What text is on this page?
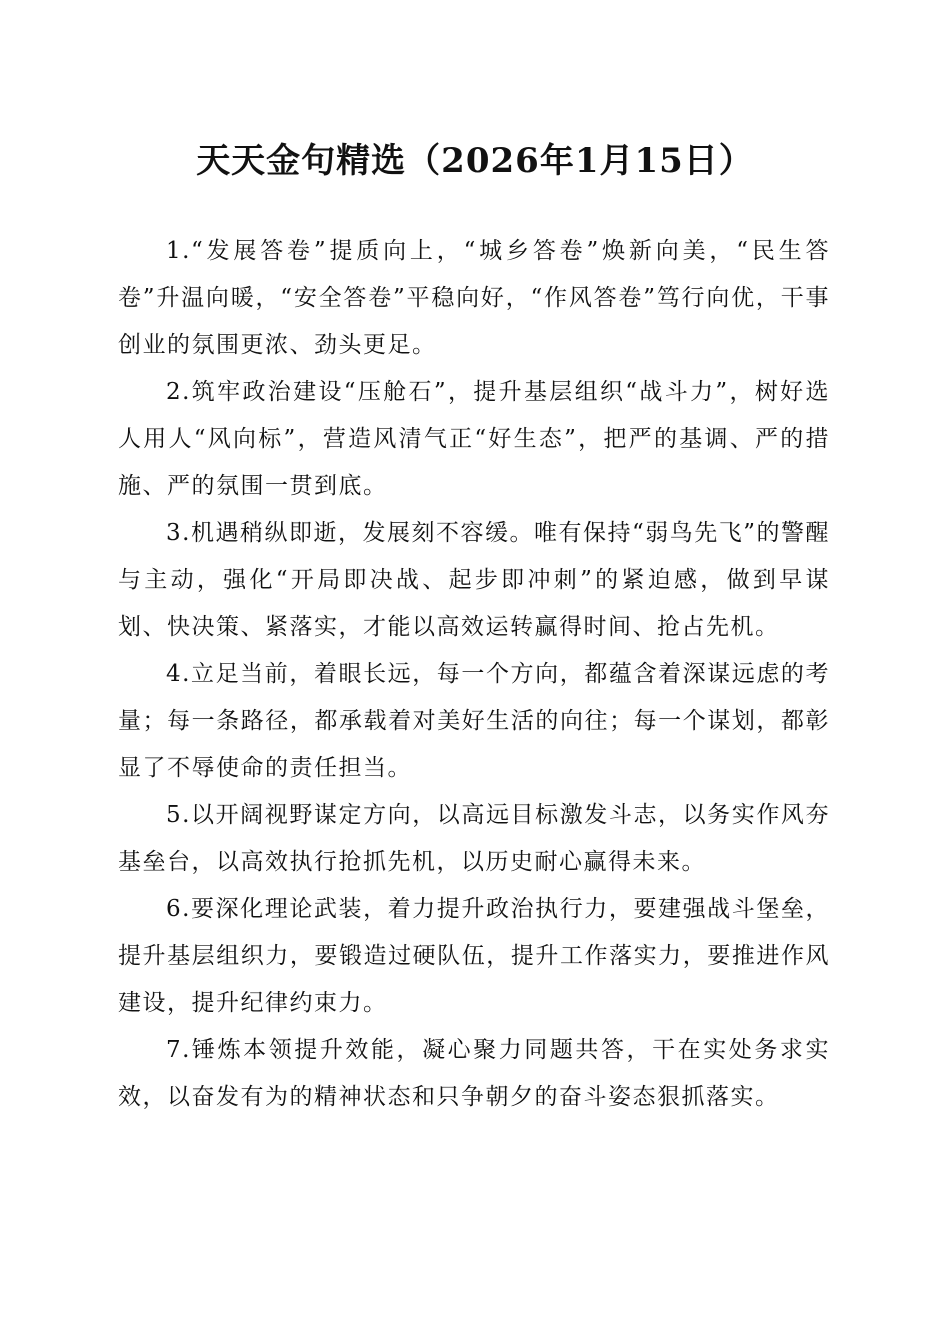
天天金句精选（2026年1月15日）

1.“发展答卷”提质向上，“城乡答卷”焕新向美，“民生答卷”升温向暖，“安全答卷”平稳向好，“作风答卷”笃行向优，干事创业的氛围更浓、劲头更足。

2.筑牢政治建设“压舱石”，提升基层组织“战斗力”，树好选人用人“风向标”，营造风清气正“好生态”，把严的基调、严的措施、严的氛围一贯到底。

3.机遇稍纵即逝，发展刻不容缓。唯有保持“弱鸟先飞”的警醒与主动，强化“开局即决战、起步即冲刺”的紧迫感，做到早谋划、快决策、紧落实，才能以高效运转赢得时间、抢占先机。

4.立足当前，着眼长远，每一个方向，都蕴含着深谋远虑的考量；每一条路径，都承载着对美好生活的向往；每一个谋划，都彰显了不辱使命的责任担当。

5.以开阔视野谋定方向，以高远目标激发斗志，以务实作风夯基垒台，以高效执行抢抓先机，以历史耐心赢得未来。

6.要深化理论武装，着力提升政治执行力，要建强战斗堡垒，提升基层组织力，要锻造过硬队伍，提升工作落实力，要推进作风建设，提升纪律约束力。

7.锤炼本领提升效能，凝心聚力同题共答，干在实处务求实效，以奋发有为的精神状态和只争朝夕的奋斗姿态狠抓落实。
